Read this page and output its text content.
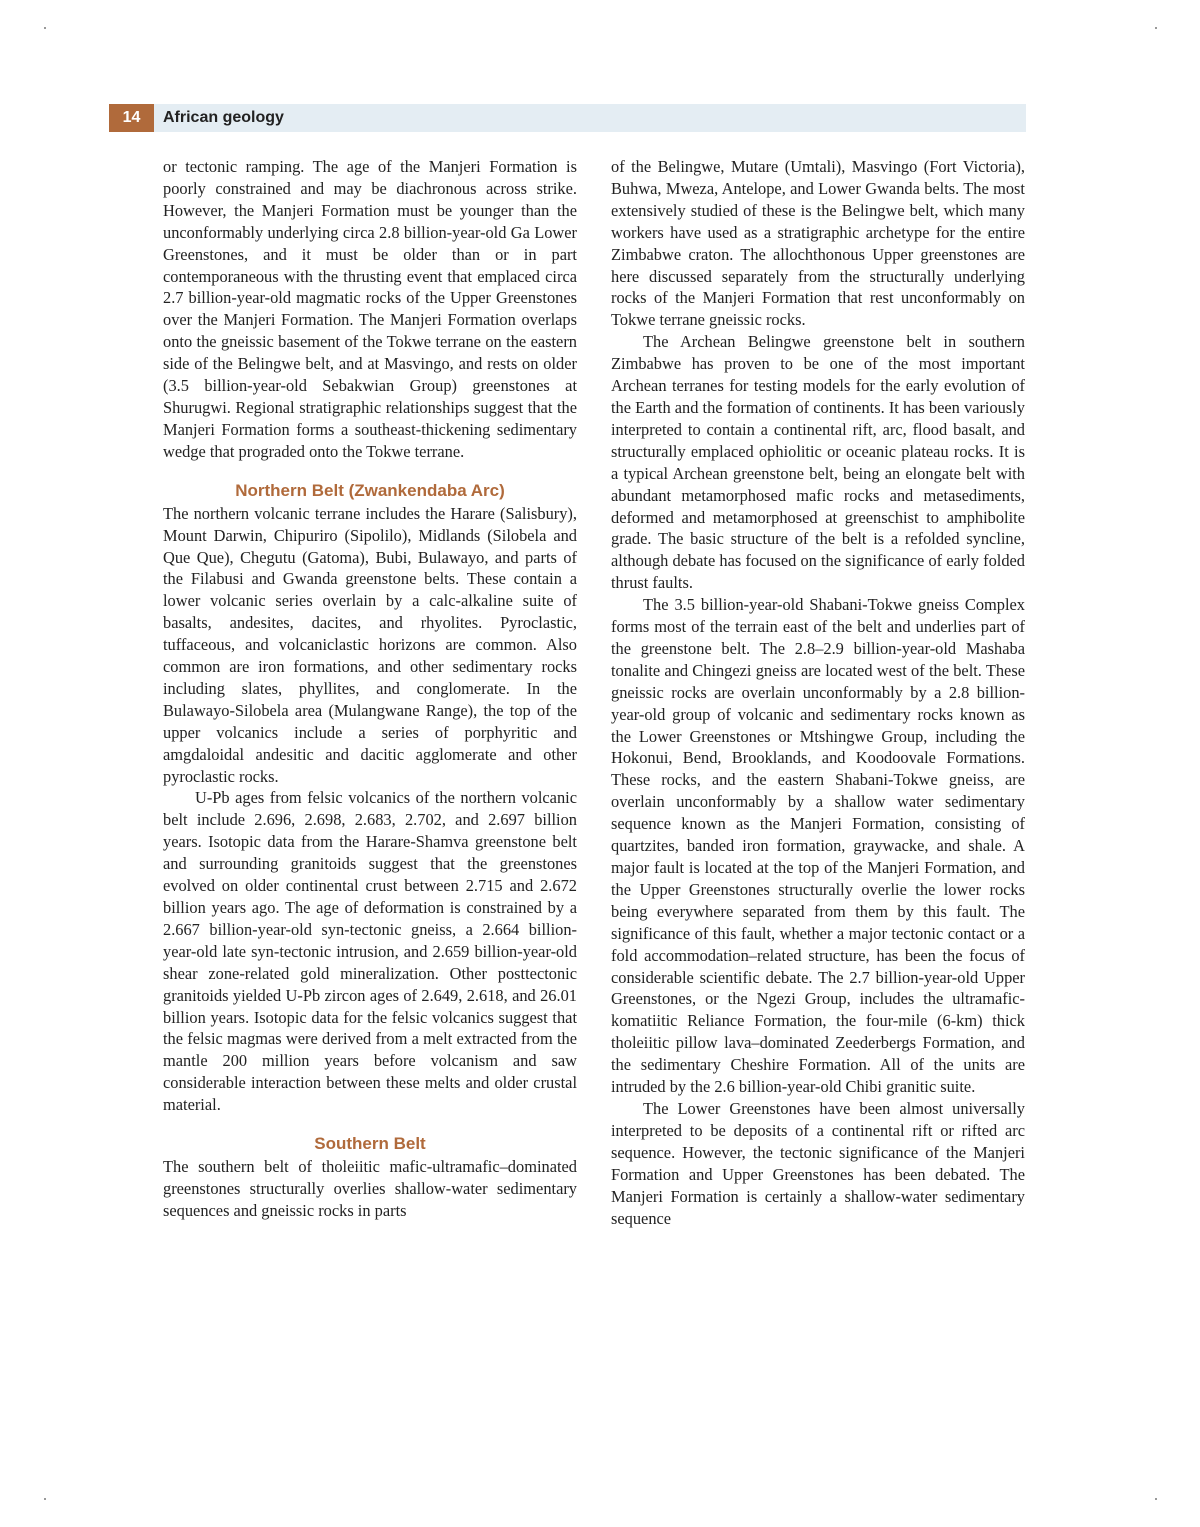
14	African geology

or tectonic ramping. The age of the Manjeri Formation is poorly constrained and may be diachronous across strike. However, the Manjeri Formation must be younger than the unconformably underlying circa 2.8 billion-year-old Ga Lower Greenstones, and it must be older than or in part contemporaneous with the thrusting event that emplaced circa 2.7 billion-year-old magmatic rocks of the Upper Greenstones over the Manjeri Formation. The Manjeri Formation overlaps onto the gneissic basement of the Tokwe terrane on the eastern side of the Belingwe belt, and at Masvingo, and rests on older (3.5 billion-year-old Sebakwian Group) greenstones at Shurugwi. Regional stratigraphic relationships suggest that the Manjeri Formation forms a southeast-thickening sedimentary wedge that prograded onto the Tokwe terrane.

Northern Belt (Zwankendaba Arc)

The northern volcanic terrane includes the Harare (Salisbury), Mount Darwin, Chipuriro (Sipolilo), Midlands (Silobela and Que Que), Chegutu (Gatoma), Bubi, Bulawayo, and parts of the Filabusi and Gwanda greenstone belts. These contain a lower volcanic series overlain by a calc-alkaline suite of basalts, andesites, dacites, and rhyolites. Pyroclastic, tuffaceous, and volcaniclastic horizons are common. Also common are iron formations, and other sedimentary rocks including slates, phyllites, and conglomerate. In the Bulawayo-Silobela area (Mulangwane Range), the top of the upper volcanics include a series of porphyritic and amgdaloidal andesitic and dacitic agglomerate and other pyroclastic rocks.

U-Pb ages from felsic volcanics of the northern volcanic belt include 2.696, 2.698, 2.683, 2.702, and 2.697 billion years. Isotopic data from the Harare-Shamva greenstone belt and surrounding granitoids suggest that the greenstones evolved on older continental crust between 2.715 and 2.672 billion years ago. The age of deformation is constrained by a 2.667 billion-year-old syn-tectonic gneiss, a 2.664 billion-year-old late syn-tectonic intrusion, and 2.659 billion-year-old shear zone-related gold mineralization. Other posttectonic granitoids yielded U-Pb zircon ages of 2.649, 2.618, and 26.01 billion years. Isotopic data for the felsic volcanics suggest that the felsic magmas were derived from a melt extracted from the mantle 200 million years before volcanism and saw considerable interaction between these melts and older crustal material.

Southern Belt

The southern belt of tholeiitic mafic-ultramafic–dominated greenstones structurally overlies shallow-water sedimentary sequences and gneissic rocks in parts

of the Belingwe, Mutare (Umtali), Masvingo (Fort Victoria), Buhwa, Mweza, Antelope, and Lower Gwanda belts. The most extensively studied of these is the Belingwe belt, which many workers have used as a stratigraphic archetype for the entire Zimbabwe craton. The allochthonous Upper greenstones are here discussed separately from the structurally underlying rocks of the Manjeri Formation that rest unconformably on Tokwe terrane gneissic rocks.

The Archean Belingwe greenstone belt in southern Zimbabwe has proven to be one of the most important Archean terranes for testing models for the early evolution of the Earth and the formation of continents. It has been variously interpreted to contain a continental rift, arc, flood basalt, and structurally emplaced ophiolitic or oceanic plateau rocks. It is a typical Archean greenstone belt, being an elongate belt with abundant metamorphosed mafic rocks and metasediments, deformed and metamorphosed at greenschist to amphibolite grade. The basic structure of the belt is a refolded syncline, although debate has focused on the significance of early folded thrust faults.

The 3.5 billion-year-old Shabani-Tokwe gneiss Complex forms most of the terrain east of the belt and underlies part of the greenstone belt. The 2.8–2.9 billion-year-old Mashaba tonalite and Chingezi gneiss are located west of the belt. These gneissic rocks are overlain unconformably by a 2.8 billion-year-old group of volcanic and sedimentary rocks known as the Lower Greenstones or Mtshingwe Group, including the Hokonui, Bend, Brooklands, and Koodoovale Formations. These rocks, and the eastern Shabani-Tokwe gneiss, are overlain unconformably by a shallow water sedimentary sequence known as the Manjeri Formation, consisting of quartzites, banded iron formation, graywacke, and shale. A major fault is located at the top of the Manjeri Formation, and the Upper Greenstones structurally overlie the lower rocks being everywhere separated from them by this fault. The significance of this fault, whether a major tectonic contact or a fold accommodation–related structure, has been the focus of considerable scientific debate. The 2.7 billion-year-old Upper Greenstones, or the Ngezi Group, includes the ultramafic-komatiitic Reliance Formation, the four-mile (6-km) thick tholeiitic pillow lava–dominated Zeederbergs Formation, and the sedimentary Cheshire Formation. All of the units are intruded by the 2.6 billion-year-old Chibi granitic suite.

The Lower Greenstones have been almost universally interpreted to be deposits of a continental rift or rifted arc sequence. However, the tectonic significance of the Manjeri Formation and Upper Greenstones has been debated. The Manjeri Formation is certainly a shallow-water sedimentary sequence
